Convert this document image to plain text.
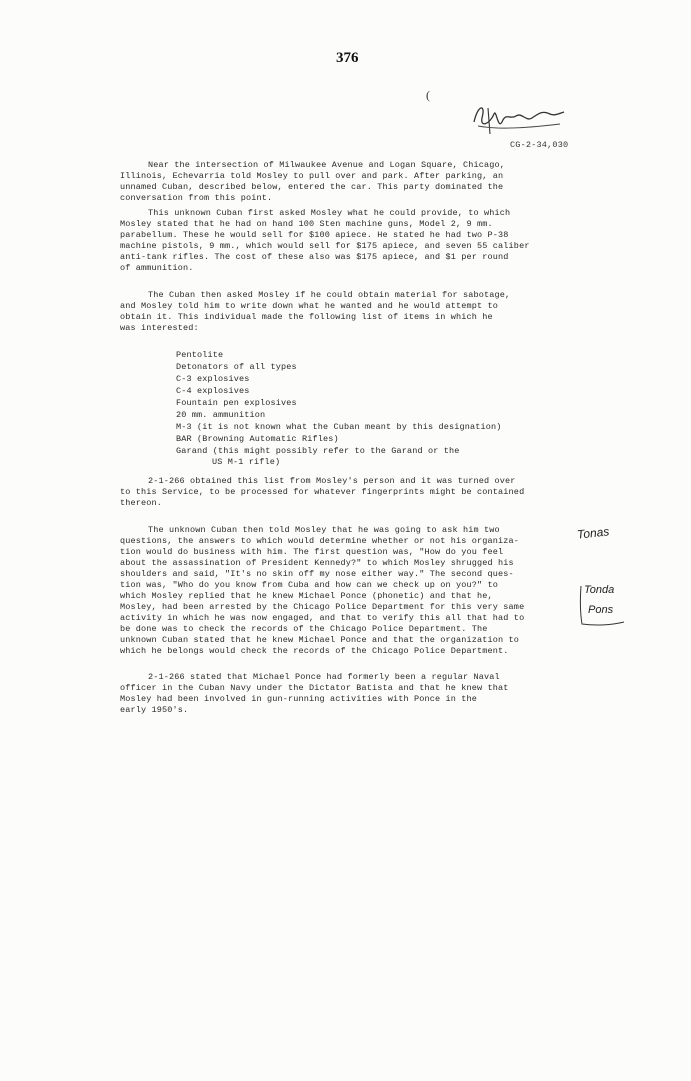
376
(
CG-2-34,030
Near the intersection of Milwaukee Avenue and Logan Square, Chicago,
Illinois, Echevarria told Mosley to pull over and park. After parking, an
unnamed Cuban, described below, entered the car. This party dominated the
conversation from this point.
This unknown Cuban first asked Mosley what he could provide, to which
Mosley stated that he had on hand 100 Sten machine guns, Model 2, 9 mm.
parabellum. These he would sell for $100 apiece. He stated he had two P-38
machine pistols, 9 mm., which would sell for $175 apiece, and seven 55 caliber
anti-tank rifles. The cost of these also was $175 apiece, and $1 per round
of ammunition.
The Cuban then asked Mosley if he could obtain material for sabotage,
and Mosley told him to write down what he wanted and he would attempt to
obtain it. This individual made the following list of items in which he
was interested:
Pentolite
Detonators of all types
C-3 explosives
C-4 explosives
Fountain pen explosives
20 mm. ammunition
M-3 (it is not known what the Cuban meant by this designation)
BAR (Browning Automatic Rifles)
Garand (this might possibly refer to the Garand or the
US M-1 rifle)
2-1-266 obtained this list from Mosley's person and it was turned over
to this Service, to be processed for whatever fingerprints might be contained
thereon.
The unknown Cuban then told Mosley that he was going to ask him two
questions, the answers to which would determine whether or not his organiza-
tion would do business with him. The first question was, "How do you feel
about the assassination of President Kennedy?" to which Mosley shrugged his
shoulders and said, "It's no skin off my nose either way." The second ques-
tion was, "Who do you know from Cuba and how can we check up on you?" to
which Mosley replied that he knew Michael Ponce (phonetic) and that he,
Mosley, had been arrested by the Chicago Police Department for this very same
activity in which he was now engaged, and that to verify this all that had to
be done was to check the records of the Chicago Police Department. The
unknown Cuban stated that he knew Michael Ponce and that the organization to
which he belongs would check the records of the Chicago Police Department.
2-1-266 stated that Michael Ponce had formerly been a regular Naval
officer in the Cuban Navy under the Dictator Batista and that he knew that
Mosley had been involved in gun-running activities with Ponce in the
early 1950's.
Tonas
Tonda
Pons
